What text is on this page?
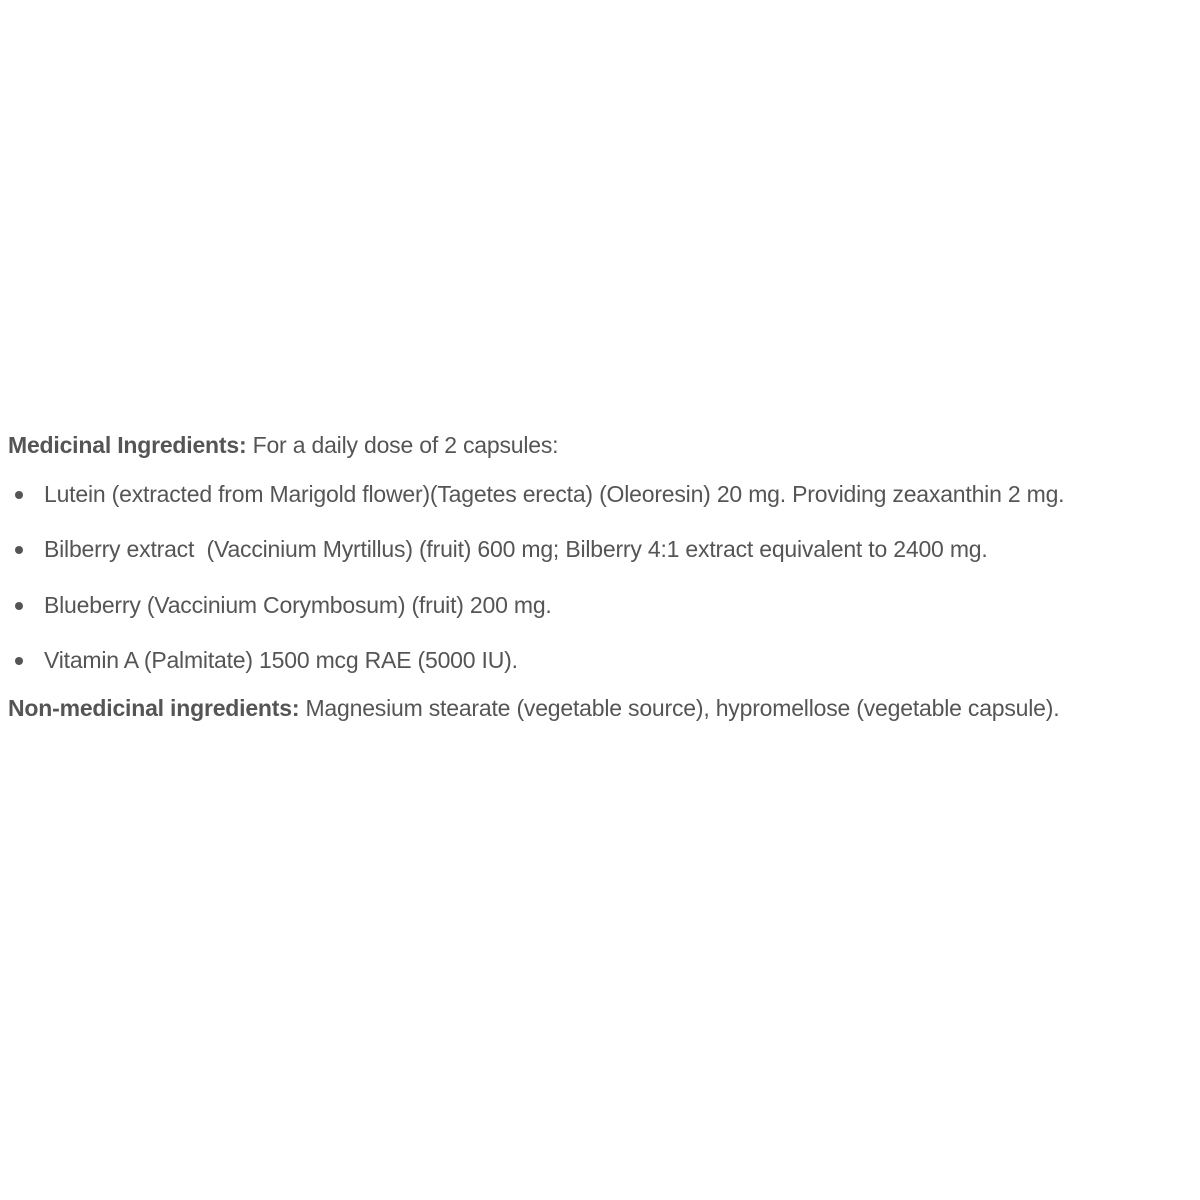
Medicinal Ingredients: For a daily dose of 2 capsules:

Lutein (extracted from Marigold flower)(Tagetes erecta) (Oleoresin) 20 mg. Providing zeaxanthin 2 mg.
Bilberry extract  (Vaccinium Myrtillus) (fruit) 600 mg; Bilberry 4:1 extract equivalent to 2400 mg.
Blueberry (Vaccinium Corymbosum) (fruit) 200 mg.
Vitamin A (Palmitate) 1500 mcg RAE (5000 IU).

Non-medicinal ingredients: Magnesium stearate (vegetable source), hypromellose (vegetable capsule).
